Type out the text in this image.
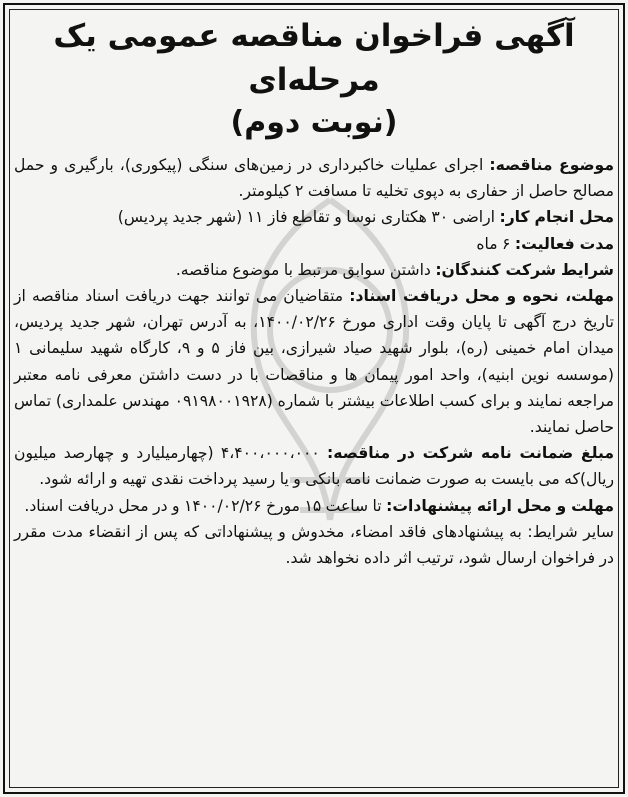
آگهی فراخوان مناقصه عمومی یک مرحله‌ای
(نوبت دوم)

موضوع مناقصه: اجرای عملیات خاکبرداری در زمین‌های سنگی (پیکوری)، بارگیری و حمل مصالح حاصل از حفاری به دپوی تخلیه تا مسافت ۲ کیلومتر.

محل انجام کار: اراضی ۳۰ هکتاری نوسا و تقاطع فاز ۱۱ (شهر جدید پردیس)

مدت فعالیت: ۶ ماه

شرایط شرکت کنندگان: داشتن سوابق مرتبط با موضوع مناقصه.

مهلت، نحوه و محل دریافت اسناد: متقاضیان می توانند جهت دریافت اسناد مناقصه از تاریخ درج آگهی تا پایان وقت اداری مورخ ۱۴۰۰/۰۲/۲۶، به آدرس تهران، شهر جدید پردیس، میدان امام خمینی (ره)، بلوار شهید صیاد شیرازی، بین فاز ۵ و ۹، کارگاه شهید سلیمانی ۱ (موسسه نوین ابنیه)، واحد امور پیمان ها و مناقصات با در دست داشتن معرفی نامه معتبر مراجعه نمایند و برای کسب اطلاعات بیشتر با شماره (۰۹۱۹۸۰۰۱۹۲۸ مهندس علمداری) تماس حاصل نمایند.

مبلغ ضمانت نامه شرکت در مناقصه: ۴،۴۰۰،۰۰۰،۰۰۰ (چهارمیلیارد و چهارصد میلیون ریال)که می بایست به صورت ضمانت نامه بانکی و یا رسید پرداخت نقدی تهیه و ارائه شود.

مهلت و محل ارائه پیشنهادات: تا ساعت ۱۵ مورخ ۱۴۰۰/۰۲/۲۶ و در محل دریافت اسناد.

سایر شرایط: به پیشنهادهای فاقد امضاء، مخدوش و پیشنهاداتی که پس از انقضاء مدت مقرر در فراخوان ارسال شود، ترتیب اثر داده نخواهد شد.
